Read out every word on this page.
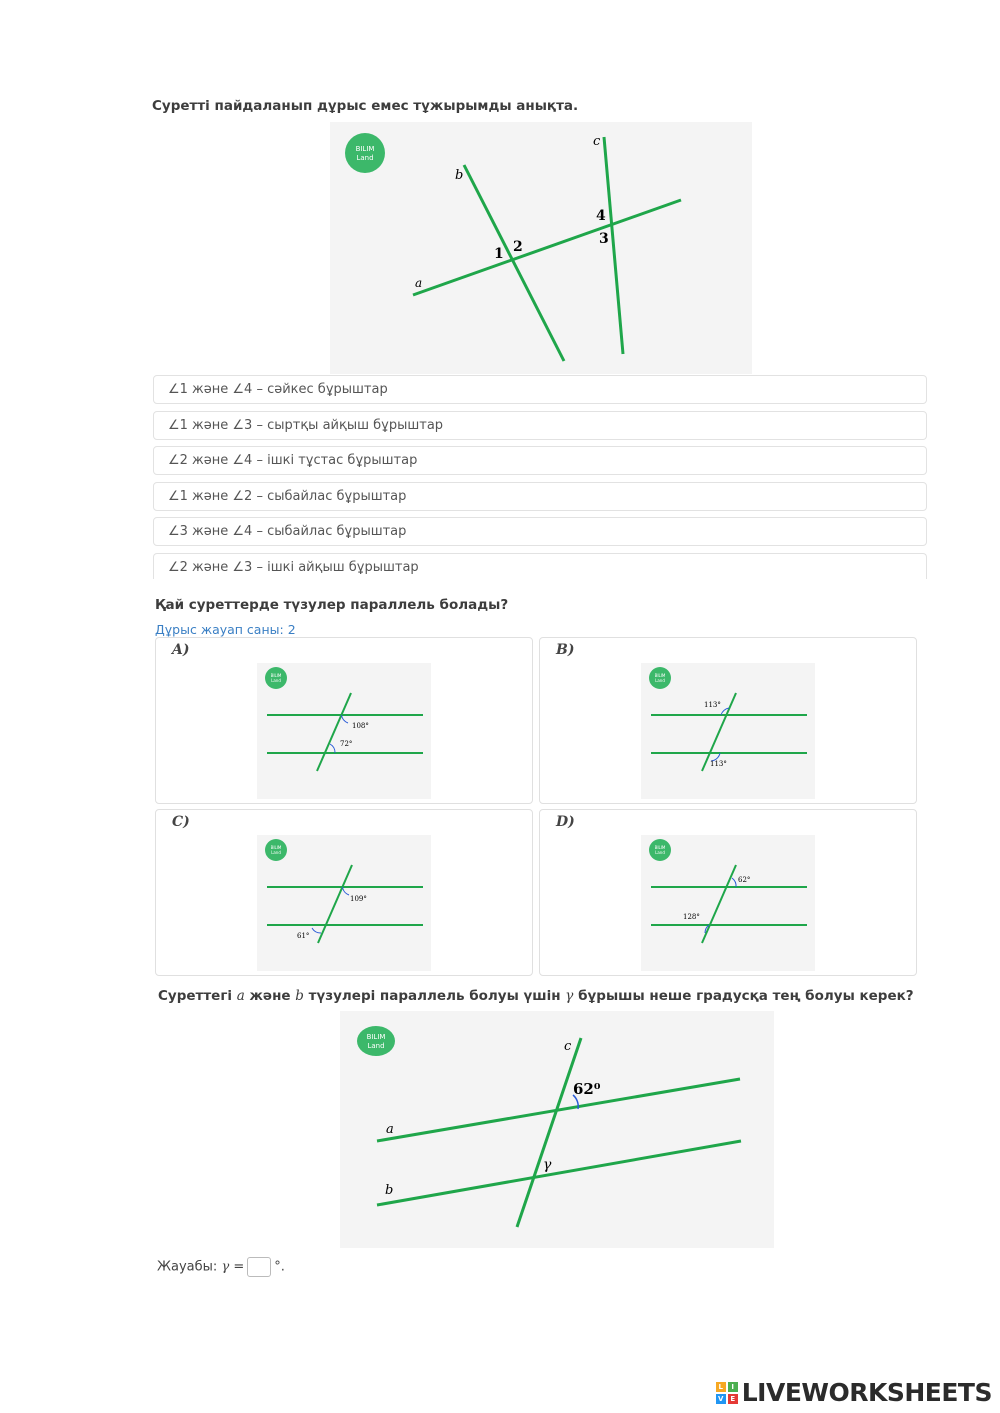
Суретті пайдаланып дұрыс емес тұжырымды анықта.
BILIM
Land
a
b
c
1 2	3
4
∠1 және ∠4 – сәйкес бұрыштар
∠1 және ∠3 – сыртқы айқыш бұрыштар
∠2 және ∠4 – ішкі тұстас бұрыштар
∠1 және ∠2 – сыбайлас бұрыштар
∠3 және ∠4 – сыбайлас бұрыштар
∠2 және ∠3 – ішкі айқыш бұрыштар
Қай суреттерде түзулер параллель болады?
Дұрыс жауап саны: 2
A)
BILIM
Land
108°
72°
B)
BILIM
Land
113°
113°
C)
BILIM
Land
109°
61°
D)
BILIM
Land
62°
128°
Суреттегі a және b түзулері параллель болуы үшін γ бұрышы неше градусқа тең болуы керек?
BILIM
Land
a
b
c
62⁰
γ
Жауабы: γ = °.
L	I
V E LIVEWORKSHEETS
